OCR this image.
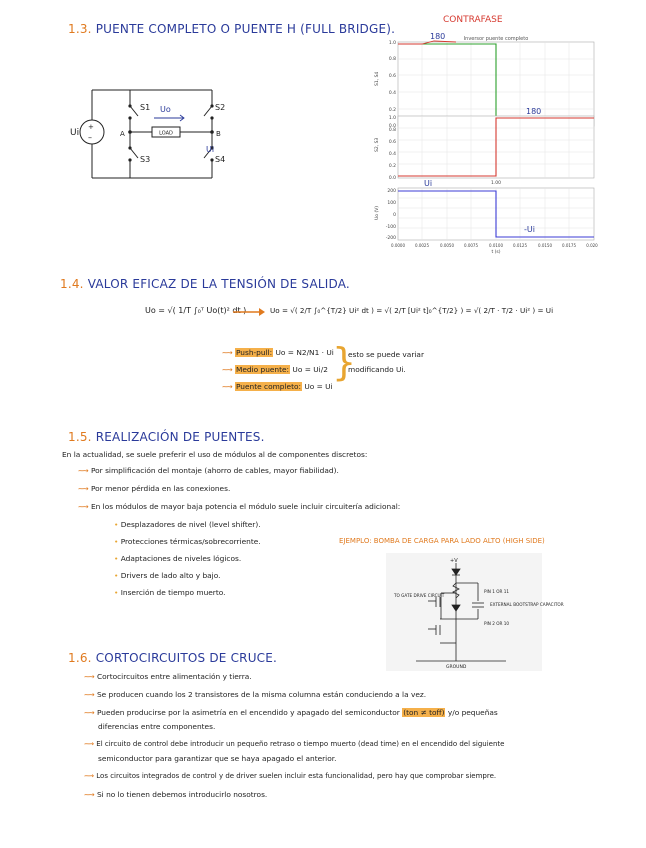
1.3. PUENTE COMPLETO O PUENTE H (FULL BRIDGE).
+
–	LOAD
Ui	A	B
S1	S2
S3	S4
Uo
Ui
CONTRAFASE
Inversor puente completo
180
S1, S4
1.0
0.8
0.6
0.4
0.2
0.0
180
S2, S3
1.0
0.8
0.6
0.4
0.2
0.0
1.00
Ui
-Ui
Uo (V)
200
100
0
-100
-200
0.0000	0.0025	0.0050	0.0075	0.0100	0.0125	0.0150	0.0175	0.020
t (s)
1.4. VALOR EFICAZ DE LA TENSIÓN DE SALIDA.
Uo = √( 1/T ∫₀ᵀ Uo(t)² dt )	Uo = √( 2/T ∫₀^{T/2} Ui² dt ) = √( 2/T [Ui² t]₀^{T/2} ) = √( 2/T · T/2 · Ui² ) = Ui
⟿ Push-pull: Uo = N2/N1 · Ui
⟿ Medio puente: Uo = Ui/2
⟿ Puente completo: Uo = Ui
}
esto se puede variar
modificando Ui.
1.5. REALIZACIÓN DE PUENTES.
En la actualidad, se suele preferir el uso de módulos al de componentes discretos:
⟿ Por simplificación del montaje (ahorro de cables, mayor fiabilidad).
⟿ Por menor pérdida en las conexiones.
⟿ En los módulos de mayor baja potencia el módulo suele incluir circuitería adicional:
• Desplazadores de nivel (level shifter).
• Protecciones térmicas/sobrecorriente.
• Adaptaciones de niveles lógicos.
• Drivers de lado alto y bajo.
• Inserción de tiempo muerto.
EJEMPLO: BOMBA DE CARGA PARA LADO ALTO (HIGH SIDE)
+V
TO GATE DRIVE CIRCUIT
PIN 1 OR 11
EXTERNAL BOOTSTRAP CAPACITOR
PIN 2 OR 10
GROUND
1.6. CORTOCIRCUITOS DE CRUCE.
⟿ Cortocircuitos entre alimentación y tierra.
⟿ Se producen cuando los 2 transistores de la misma columna están conduciendo a la vez.
⟿ Pueden producirse por la asimetría en el encendido y apagado del semiconductor (ton ≠ toff) y/o pequeñas
diferencias entre componentes.
⟿ El circuito de control debe introducir un pequeño retraso o tiempo muerto (dead time) en el encendido del siguiente
semiconductor para garantizar que se haya apagado el anterior.
⟿ Los circuitos integrados de control y de driver suelen incluir esta funcionalidad, pero hay que comprobar siempre.
⟿ Si no lo tienen debemos introducirlo nosotros.
